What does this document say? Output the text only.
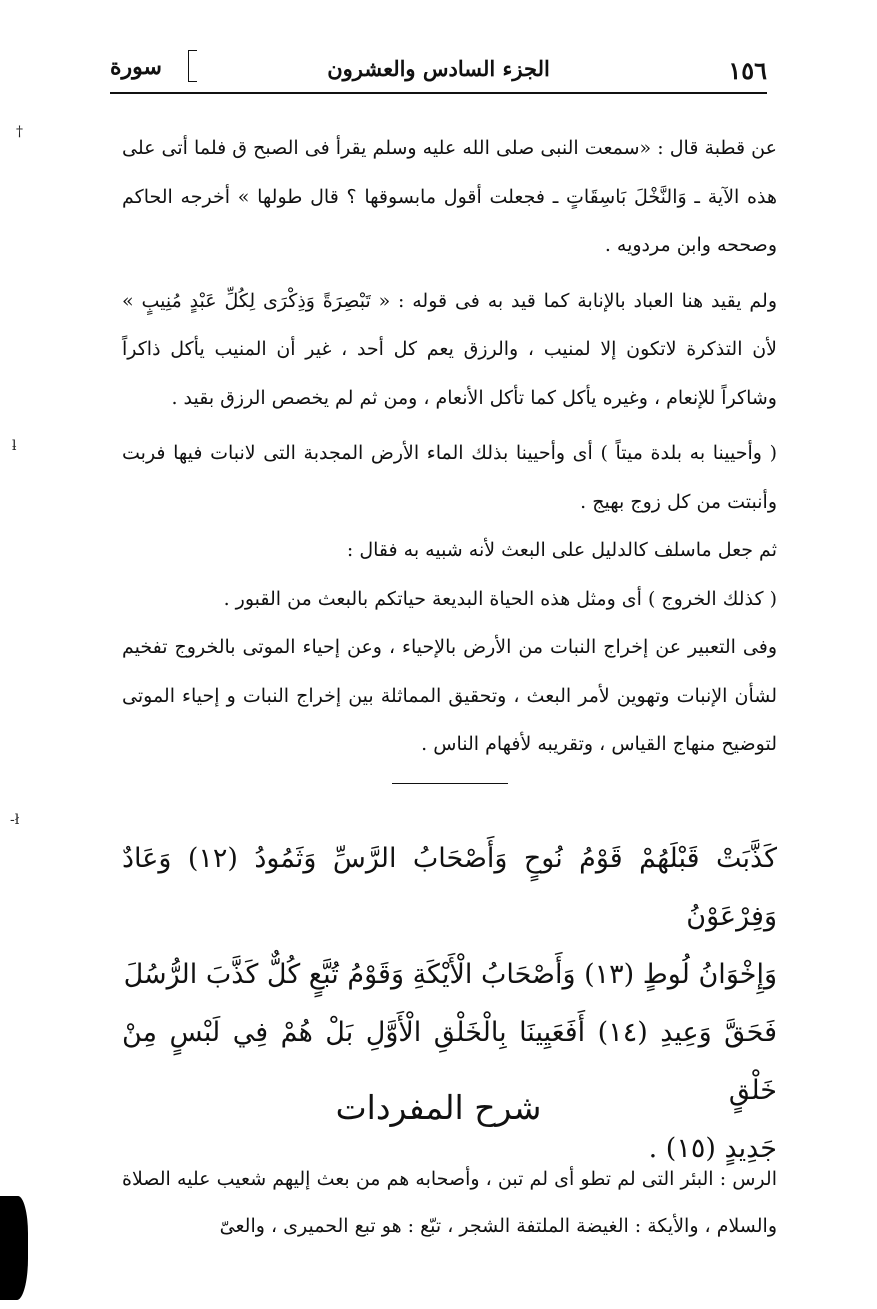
١٥٦
الجزء السادس والعشرون
سورة

عن قطبة قال : «سمعت النبى صلى الله عليه وسلم يقرأ فى الصبح ق فلما أتى على هذه الآية ـ وَالنَّخْلَ بَاسِقَاتٍ ـ فجعلت أقول مابسوقها ؟ قال طولها » أخرجه الحاكم وصححه وابن مردويه .

ولم يقيد هنا العباد بالإنابة كما قيد به فى قوله : « تَبْصِرَةً وَذِكْرَى لِكُلِّ عَبْدٍ مُنِيبٍ » لأن التذكرة لاتكون إلا لمنيب ، والرزق يعم كل أحد ، غير أن المنيب يأكل ذاكراً وشاكراً للإنعام ، وغيره يأكل كما تأكل الأنعام ، ومن ثم لم يخصص الرزق بقيد .

( وأحيينا به بلدة ميتاً ) أى وأحيينا بذلك الماء الأرض المجدبة التى لانبات فيها فربت وأنبتت من كل زوج بهيج .

ثم جعل ماسلف كالدليل على البعث لأنه شبيه به فقال :

( كذلك الخروج ) أى ومثل هذه الحياة البديعة حياتكم بالبعث من القبور .

وفى التعبير عن إخراج النبات من الأرض بالإحياء ، وعن إحياء الموتى بالخروج تفخيم لشأن الإنبات وتهوين لأمر البعث ، وتحقيق المماثلة بين إخراج النبات و إحياء الموتى لتوضيح منهاج القياس ، وتقريبه لأفهام الناس .

كَذَّبَتْ قَبْلَهُمْ قَوْمُ نُوحٍ وَأَصْحَابُ الرَّسِّ وَثَمُودُ (١٢) وَعَادٌ وَفِرْعَوْنُ

وَإِخْوَانُ لُوطٍ (١٣) وَأَصْحَابُ الْأَيْكَةِ وَقَوْمُ تُبَّعٍ كُلٌّ كَذَّبَ الرُّسُلَ

فَحَقَّ وَعِيدِ (١٤) أَفَعَيِينَا بِالْخَلْقِ الْأَوَّلِ بَلْ هُمْ فِي لَبْسٍ مِنْ خَلْقٍ

جَدِيدٍ (١٥) .

شرح المفردات

الرس : البئر التى لم تطو أى لم تبن ، وأصحابه هم من بعث إليهم شعيب عليه الصلاة والسلام ، والأيكة : الغيضة الملتفة الشجر ، تبّع : هو تبع الحميرى ، والعىّ

†
ƚ
‑ł
